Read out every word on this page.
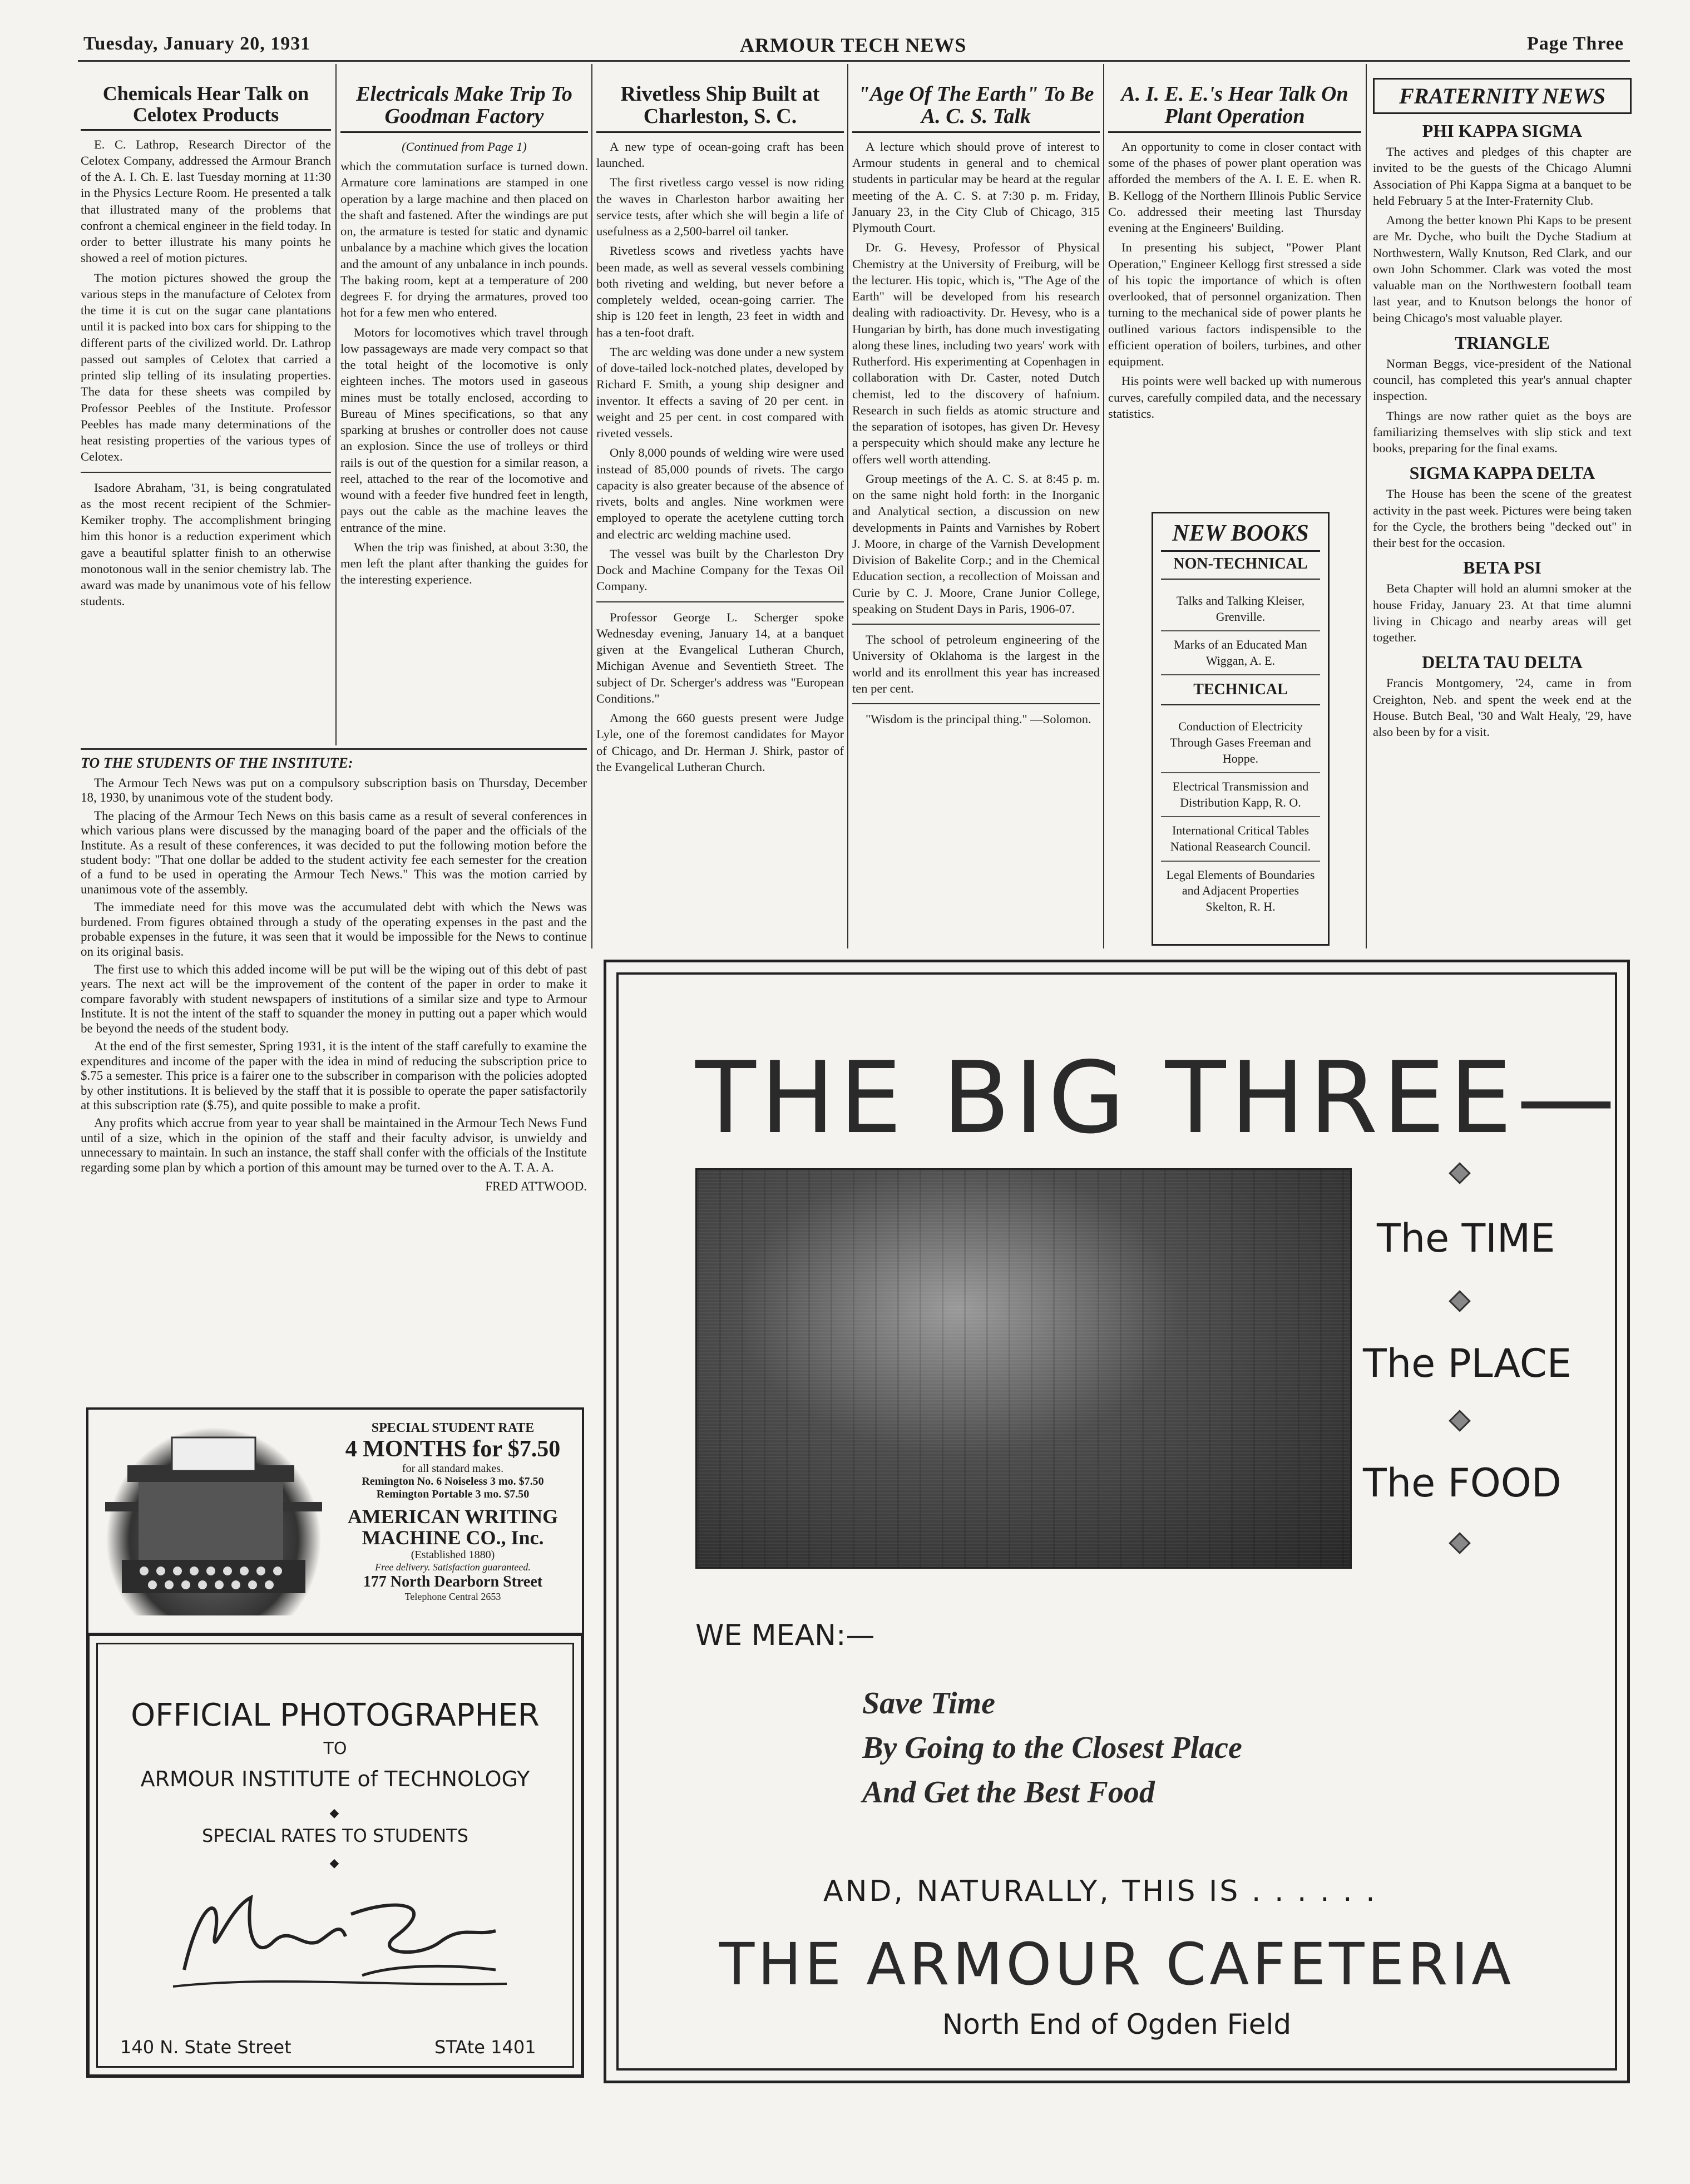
Tuesday, January 20, 1931	ARMOUR TECH NEWS	Page Three
Chemicals Hear Talk on Celotex Products

E. C. Lathrop, Research Director of the Celotex Company, addressed the Armour Branch of the A. I. Ch. E. last Tuesday morning at 11:30 in the Physics Lecture Room. He presented a talk that illustrated many of the problems that confront a chemical engineer in the field today. In order to better illustrate his many points he showed a reel of motion pictures.

The motion pictures showed the group the various steps in the manufacture of Celotex from the time it is cut on the sugar cane plantations until it is packed into box cars for shipping to the different parts of the civilized world. Dr. Lathrop passed out samples of Celotex that carried a printed slip telling of its insulating properties. The data for these sheets was compiled by Professor Peebles of the Institute. Professor Peebles has made many determinations of the heat resisting properties of the various types of Celotex.

Isadore Abraham, '31, is being congratulated as the most recent recipient of the Schmier-Kemiker trophy. The accomplishment bringing him this honor is a reduction experiment which gave a beautiful splatter finish to an otherwise monotonous wall in the senior chemistry lab. The award was made by unanimous vote of his fellow students.

Electricals Make Trip To Goodman Factory

(Continued from Page 1)

which the commutation surface is turned down. Armature core laminations are stamped in one operation by a large machine and then placed on the shaft and fastened. After the windings are put on, the armature is tested for static and dynamic unbalance by a machine which gives the location and the amount of any unbalance in inch pounds. The baking room, kept at a temperature of 200 degrees F. for drying the armatures, proved too hot for a few men who entered.

Motors for locomotives which travel through low passageways are made very compact so that the total height of the locomotive is only eighteen inches. The motors used in gaseous mines must be totally enclosed, according to Bureau of Mines specifications, so that any sparking at brushes or controller does not cause an explosion. Since the use of trolleys or third rails is out of the question for a similar reason, a reel, attached to the rear of the locomotive and wound with a feeder five hundred feet in length, pays out the cable as the machine leaves the entrance of the mine.

When the trip was finished, at about 3:30, the men left the plant after thanking the guides for the interesting experience.

Rivetless Ship Built at Charleston, S. C.

A new type of ocean-going craft has been launched.

The first rivetless cargo vessel is now riding the waves in Charleston harbor awaiting her service tests, after which she will begin a life of usefulness as a 2,500-barrel oil tanker.

Rivetless scows and rivetless yachts have been made, as well as several vessels combining both riveting and welding, but never before a completely welded, ocean-going carrier. The ship is 120 feet in length, 23 feet in width and has a ten-foot draft.

The arc welding was done under a new system of dove-tailed lock-notched plates, developed by Richard F. Smith, a young ship designer and inventor. It effects a saving of 20 per cent. in weight and 25 per cent. in cost compared with riveted vessels.

Only 8,000 pounds of welding wire were used instead of 85,000 pounds of rivets. The cargo capacity is also greater because of the absence of rivets, bolts and angles. Nine workmen were employed to operate the acetylene cutting torch and electric arc welding machine used.

The vessel was built by the Charleston Dry Dock and Machine Company for the Texas Oil Company.

Professor George L. Scherger spoke Wednesday evening, January 14, at a banquet given at the Evangelical Lutheran Church, Michigan Avenue and Seventieth Street. The subject of Dr. Scherger's address was "European Conditions."

Among the 660 guests present were Judge Lyle, one of the foremost candidates for Mayor of Chicago, and Dr. Herman J. Shirk, pastor of the Evangelical Lutheran Church.

"Age Of The Earth" To Be A. C. S. Talk

A lecture which should prove of interest to Armour students in general and to chemical students in particular may be heard at the regular meeting of the A. C. S. at 7:30 p. m. Friday, January 23, in the City Club of Chicago, 315 Plymouth Court.

Dr. G. Hevesy, Professor of Physical Chemistry at the University of Freiburg, will be the lecturer. His topic, which is, "The Age of the Earth" will be developed from his research dealing with radioactivity. Dr. Hevesy, who is a Hungarian by birth, has done much investigating along these lines, including two years' work with Rutherford. His experimenting at Copenhagen in collaboration with Dr. Caster, noted Dutch chemist, led to the discovery of hafnium. Research in such fields as atomic structure and the separation of isotopes, has given Dr. Hevesy a perspecuity which should make any lecture he offers well worth attending.

Group meetings of the A. C. S. at 8:45 p. m. on the same night hold forth: in the Inorganic and Analytical section, a discussion on new developments in Paints and Varnishes by Robert J. Moore, in charge of the Varnish Development Division of Bakelite Corp.; and in the Chemical Education section, a recollection of Moissan and Curie by C. J. Moore, Crane Junior College, speaking on Student Days in Paris, 1906-07.

The school of petroleum engineering of the University of Oklahoma is the largest in the world and its enrollment this year has increased ten per cent.

"Wisdom is the principal thing." —Solomon.

A. I. E. E.'s Hear Talk On Plant Operation

An opportunity to come in closer contact with some of the phases of power plant operation was afforded the members of the A. I. E. E. when R. B. Kellogg of the Northern Illinois Public Service Co. addressed their meeting last Thursday evening at the Engineers' Building.

In presenting his subject, "Power Plant Operation," Engineer Kellogg first stressed a side of his topic the importance of which is often overlooked, that of personnel organization. Then turning to the mechanical side of power plants he outlined various factors indispensible to the efficient operation of boilers, turbines, and other equipment.

His points were well backed up with numerous curves, carefully compiled data, and the necessary statistics.

NEW BOOKS
NON-TECHNICAL
Talks and Talking Kleiser, Grenville.
Marks of an Educated Man Wiggan, A. E.
TECHNICAL
Conduction of Electricity Through Gases Freeman and Hoppe.
Electrical Transmission and Distribution Kapp, R. O.
International Critical Tables National Reasearch Council.
Legal Elements of Boundaries and Adjacent Properties Skelton, R. H.
FRATERNITY NEWS
PHI KAPPA SIGMA

The actives and pledges of this chapter are invited to be the guests of the Chicago Alumni Association of Phi Kappa Sigma at a banquet to be held February 5 at the Inter-Fraternity Club.

Among the better known Phi Kaps to be present are Mr. Dyche, who built the Dyche Stadium at Northwestern, Wally Knutson, Red Clark, and our own John Schommer. Clark was voted the most valuable man on the Northwestern football team last year, and to Knutson belongs the honor of being Chicago's most valuable player.

TRIANGLE

Norman Beggs, vice-president of the National council, has completed this year's annual chapter inspection.

Things are now rather quiet as the boys are familiarizing themselves with slip stick and text books, preparing for the final exams.

SIGMA KAPPA DELTA

The House has been the scene of the greatest activity in the past week. Pictures were being taken for the Cycle, the brothers being "decked out" in their best for the occasion.

BETA PSI

Beta Chapter will hold an alumni smoker at the house Friday, January 23. At that time alumni living in Chicago and nearby areas will get together.

DELTA TAU DELTA

Francis Montgomery, '24, came in from Creighton, Neb. and spent the week end at the House. Butch Beal, '30 and Walt Healy, '29, have also been by for a visit.

TO THE STUDENTS OF THE INSTITUTE:

The Armour Tech News was put on a compulsory subscription basis on Thursday, December 18, 1930, by unanimous vote of the student body.

The placing of the Armour Tech News on this basis came as a result of several conferences in which various plans were discussed by the managing board of the paper and the officials of the Institute. As a result of these conferences, it was decided to put the following motion before the student body: "That one dollar be added to the student activity fee each semester for the creation of a fund to be used in operating the Armour Tech News." This was the motion carried by unanimous vote of the assembly.

The immediate need for this move was the accumulated debt with which the News was burdened. From figures obtained through a study of the operating expenses in the past and the probable expenses in the future, it was seen that it would be impossible for the News to continue on its original basis.

The first use to which this added income will be put will be the wiping out of this debt of past years. The next act will be the improvement of the content of the paper in order to make it compare favorably with student newspapers of institutions of a similar size and type to Armour Institute. It is not the intent of the staff to squander the money in putting out a paper which would be beyond the needs of the student body.

At the end of the first semester, Spring 1931, it is the intent of the staff carefully to examine the expenditures and income of the paper with the idea in mind of reducing the subscription price to $.75 a semester. This price is a fairer one to the subscriber in comparison with the policies adopted by other institutions. It is believed by the staff that it is possible to operate the paper satisfactorily at this subscription rate ($.75), and quite possible to make a profit.

Any profits which accrue from year to year shall be maintained in the Armour Tech News Fund until of a size, which in the opinion of the staff and their faculty advisor, is unwieldy and unnecessary to maintain. In such an instance, the staff shall confer with the officials of the Institute regarding some plan by which a portion of this amount may be turned over to the A. T. A. A.

FRED ATTWOOD.

SPECIAL STUDENT RATE
4 MONTHS for $7.50
for all standard makes.
Remington No. 6 Noiseless 3 mo. $7.50
Remington Portable 3 mo. $7.50
AMERICAN WRITING MACHINE CO., Inc.
(Established 1880)
Free delivery. Satisfaction guaranteed.
177 North Dearborn Street
Telephone Central 2653
OFFICIAL PHOTOGRAPHER
TO
ARMOUR INSTITUTE of TECHNOLOGY
◆
SPECIAL RATES TO STUDENTS
◆
140 N. State Street	STAte 1401
THE BIG THREE—
The TIME
The PLACE
The FOOD
WE MEAN:—
Save Time
By Going to the Closest Place
And Get the Best Food
AND, NATURALLY, THIS IS . . . . . .
THE ARMOUR CAFETERIA
North End of Ogden Field
